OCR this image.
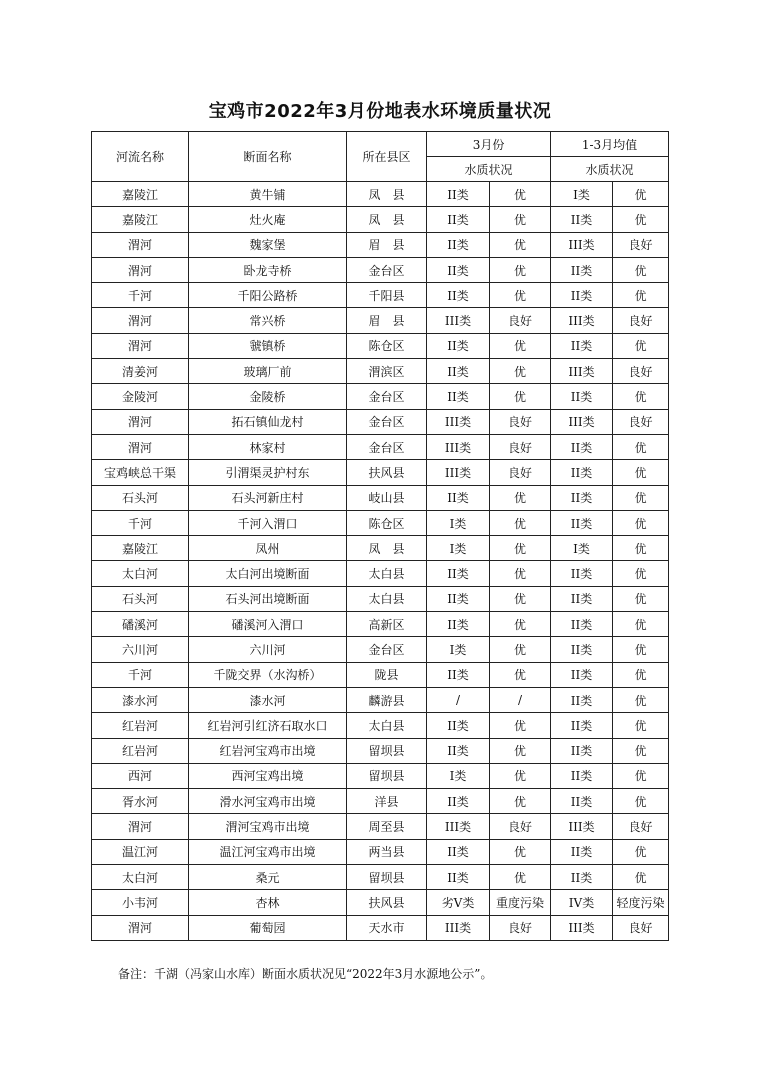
宝鸡市2022年3月份地表水环境质量状况
河流名称	断面名称	所在县区	3月份		1-3月均值	
			水质状况		水质状况	
嘉陵江	黄牛铺	凤　县	II类	优	I类	优
嘉陵江	灶火庵	凤　县	II类	优	II类	优
渭河	魏家堡	眉　县	II类	优	III类	良好
渭河	卧龙寺桥	金台区	II类	优	II类	优
千河	千阳公路桥	千阳县	II类	优	II类	优
渭河	常兴桥	眉　县	III类	良好	III类	良好
渭河	虢镇桥	陈仓区	II类	优	II类	优
清姜河	玻璃厂前	渭滨区	II类	优	III类	良好
金陵河	金陵桥	金台区	II类	优	II类	优
渭河	拓石镇仙龙村	金台区	III类	良好	III类	良好
渭河	林家村	金台区	III类	良好	II类	优
宝鸡峡总干渠	引渭渠灵护村东	扶风县	III类	良好	II类	优
石头河	石头河新庄村	岐山县	II类	优	II类	优
千河	千河入渭口	陈仓区	I类	优	II类	优
嘉陵江	凤州	凤　县	I类	优	I类	优
太白河	太白河出境断面	太白县	II类	优	II类	优
石头河	石头河出境断面	太白县	II类	优	II类	优
磻溪河	磻溪河入渭口	高新区	II类	优	II类	优
六川河	六川河	金台区	I类	优	II类	优
千河	千陇交界（水沟桥）	陇县	II类	优	II类	优
漆水河	漆水河	麟游县	/	/	II类	优
红岩河	红岩河引红济石取水口	太白县	II类	优	II类	优
红岩河	红岩河宝鸡市出境	留坝县	II类	优	II类	优
西河	西河宝鸡出境	留坝县	I类	优	II类	优
胥水河	滑水河宝鸡市出境	洋县	II类	优	II类	优
渭河	渭河宝鸡市出境	周至县	III类	良好	III类	良好
温江河	温江河宝鸡市出境	两当县	II类	优	II类	优
太白河	桑元	留坝县	II类	优	II类	优
小韦河	杏林	扶风县	劣V类	重度污染	IV类	轻度污染
渭河	葡萄园	天水市	III类	良好	III类	良好
备注：千湖（冯家山水库）断面水质状况见“2022年3月水源地公示”。
